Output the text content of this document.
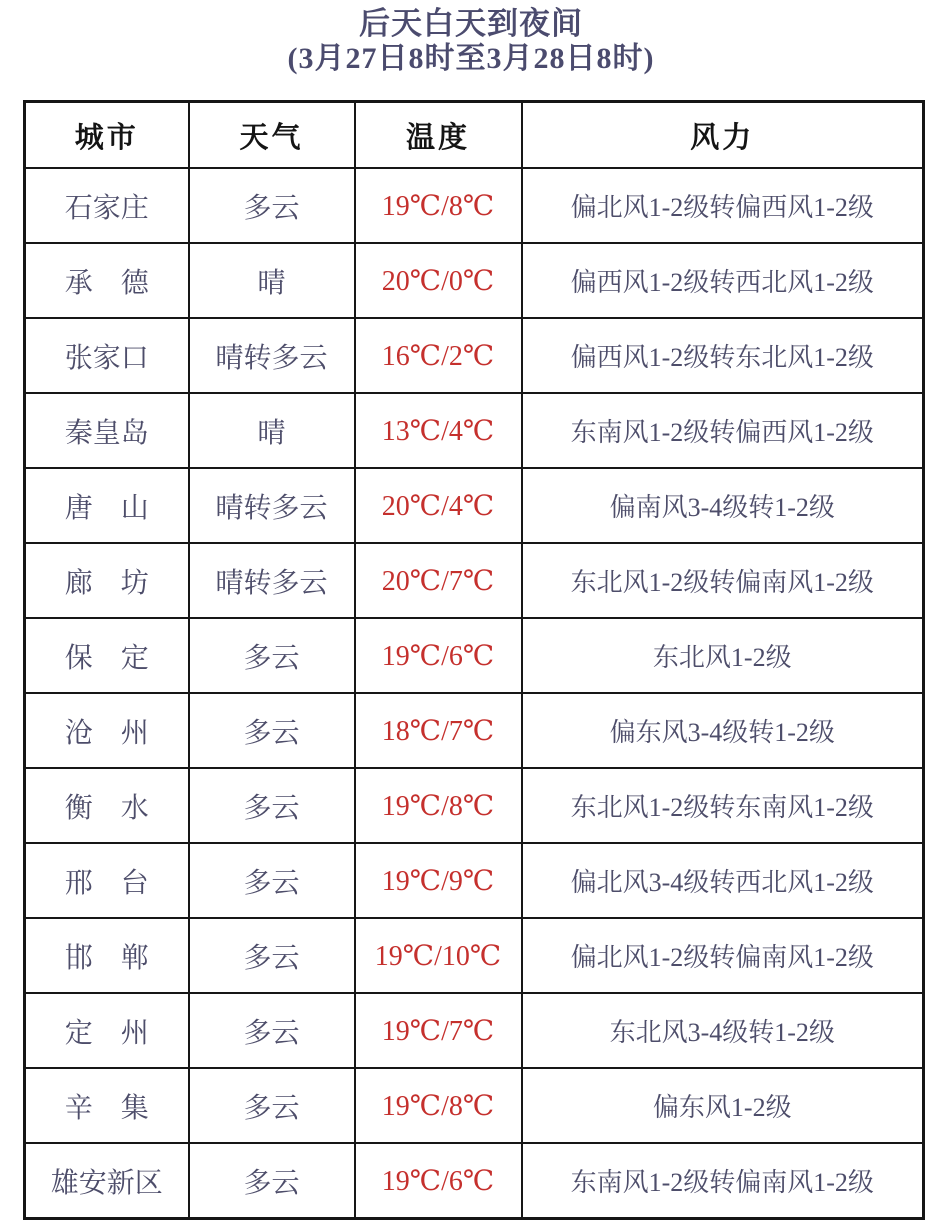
后天白天到夜间
(3月27日8时至3月28日8时)
城市	天气	温度	风力
石家庄	多云	19℃/8℃	偏北风1-2级转偏西风1-2级
承　德	晴	20℃/0℃	偏西风1-2级转西北风1-2级
张家口	晴转多云	16℃/2℃	偏西风1-2级转东北风1-2级
秦皇岛	晴	13℃/4℃	东南风1-2级转偏西风1-2级
唐　山	晴转多云	20℃/4℃	偏南风3-4级转1-2级
廊　坊	晴转多云	20℃/7℃	东北风1-2级转偏南风1-2级
保　定	多云	19℃/6℃	东北风1-2级
沧　州	多云	18℃/7℃	偏东风3-4级转1-2级
衡　水	多云	19℃/8℃	东北风1-2级转东南风1-2级
邢　台	多云	19℃/9℃	偏北风3-4级转西北风1-2级
邯　郸	多云	19℃/10℃	偏北风1-2级转偏南风1-2级
定　州	多云	19℃/7℃	东北风3-4级转1-2级
辛　集	多云	19℃/8℃	偏东风1-2级
雄安新区	多云	19℃/6℃	东南风1-2级转偏南风1-2级
